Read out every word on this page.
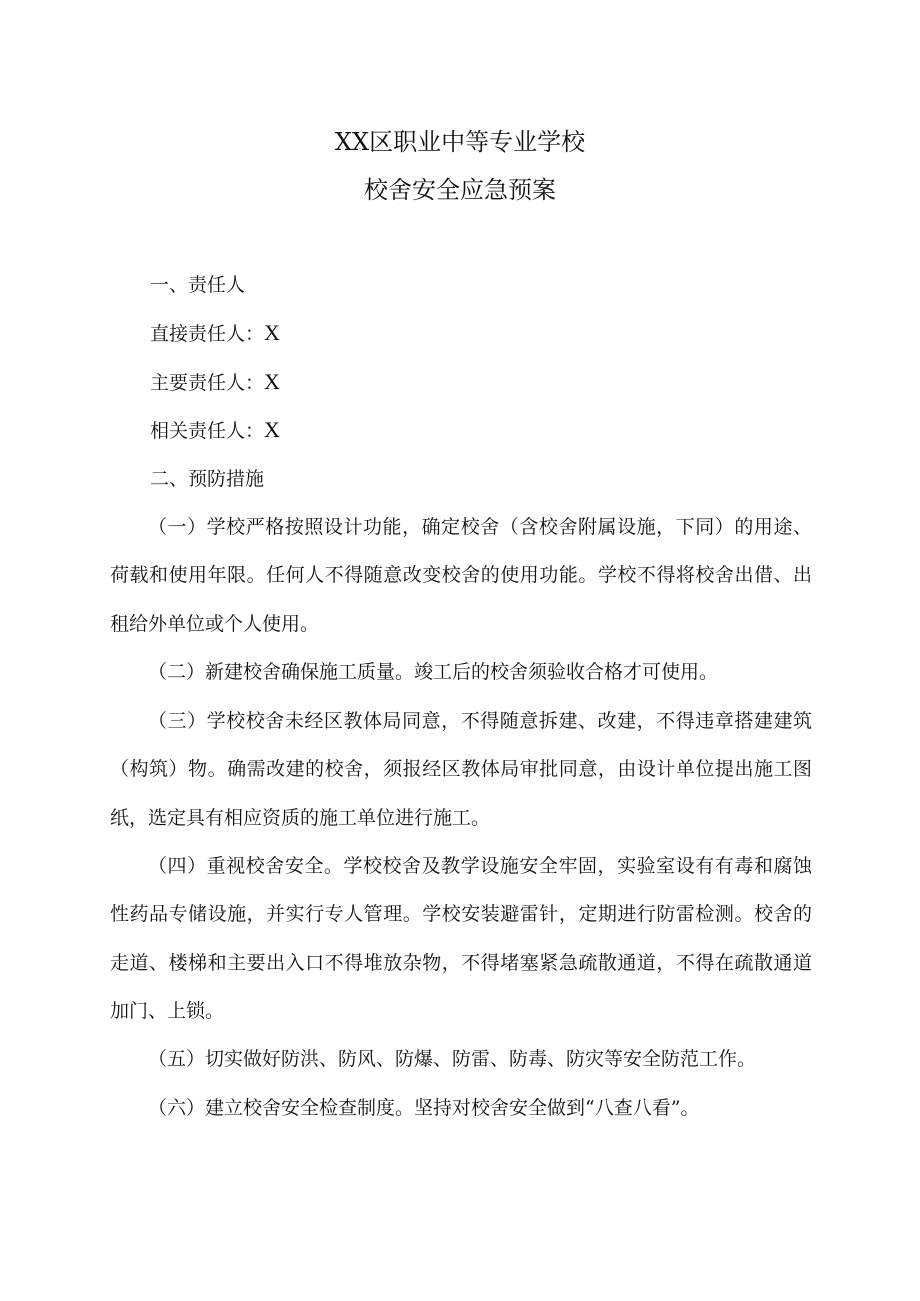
XX区职业中等专业学校
校舍安全应急预案
一、责任人
直接责任人：X
主要责任人：X
相关责任人：X
二、预防措施

（一）学校严格按照设计功能，确定校舍（含校舍附属设施，下同）的用途、荷载和使用年限。任何人不得随意改变校舍的使用功能。学校不得将校舍出借、出租给外单位或个人使用。

（二）新建校舍确保施工质量。竣工后的校舍须验收合格才可使用。

（三）学校校舍未经区教体局同意，不得随意拆建、改建，不得违章搭建建筑（构筑）物。确需改建的校舍，须报经区教体局审批同意，由设计单位提出施工图纸，选定具有相应资质的施工单位进行施工。

（四）重视校舍安全。学校校舍及教学设施安全牢固，实验室设有有毒和腐蚀性药品专储设施，并实行专人管理。学校安装避雷针，定期进行防雷检测。校舍的走道、楼梯和主要出入口不得堆放杂物，不得堵塞紧急疏散通道，不得在疏散通道加门、上锁。

（五）切实做好防洪、防风、防爆、防雷、防毒、防灾等安全防范工作。

（六）建立校舍安全检查制度。坚持对校舍安全做到“八查八看”。
